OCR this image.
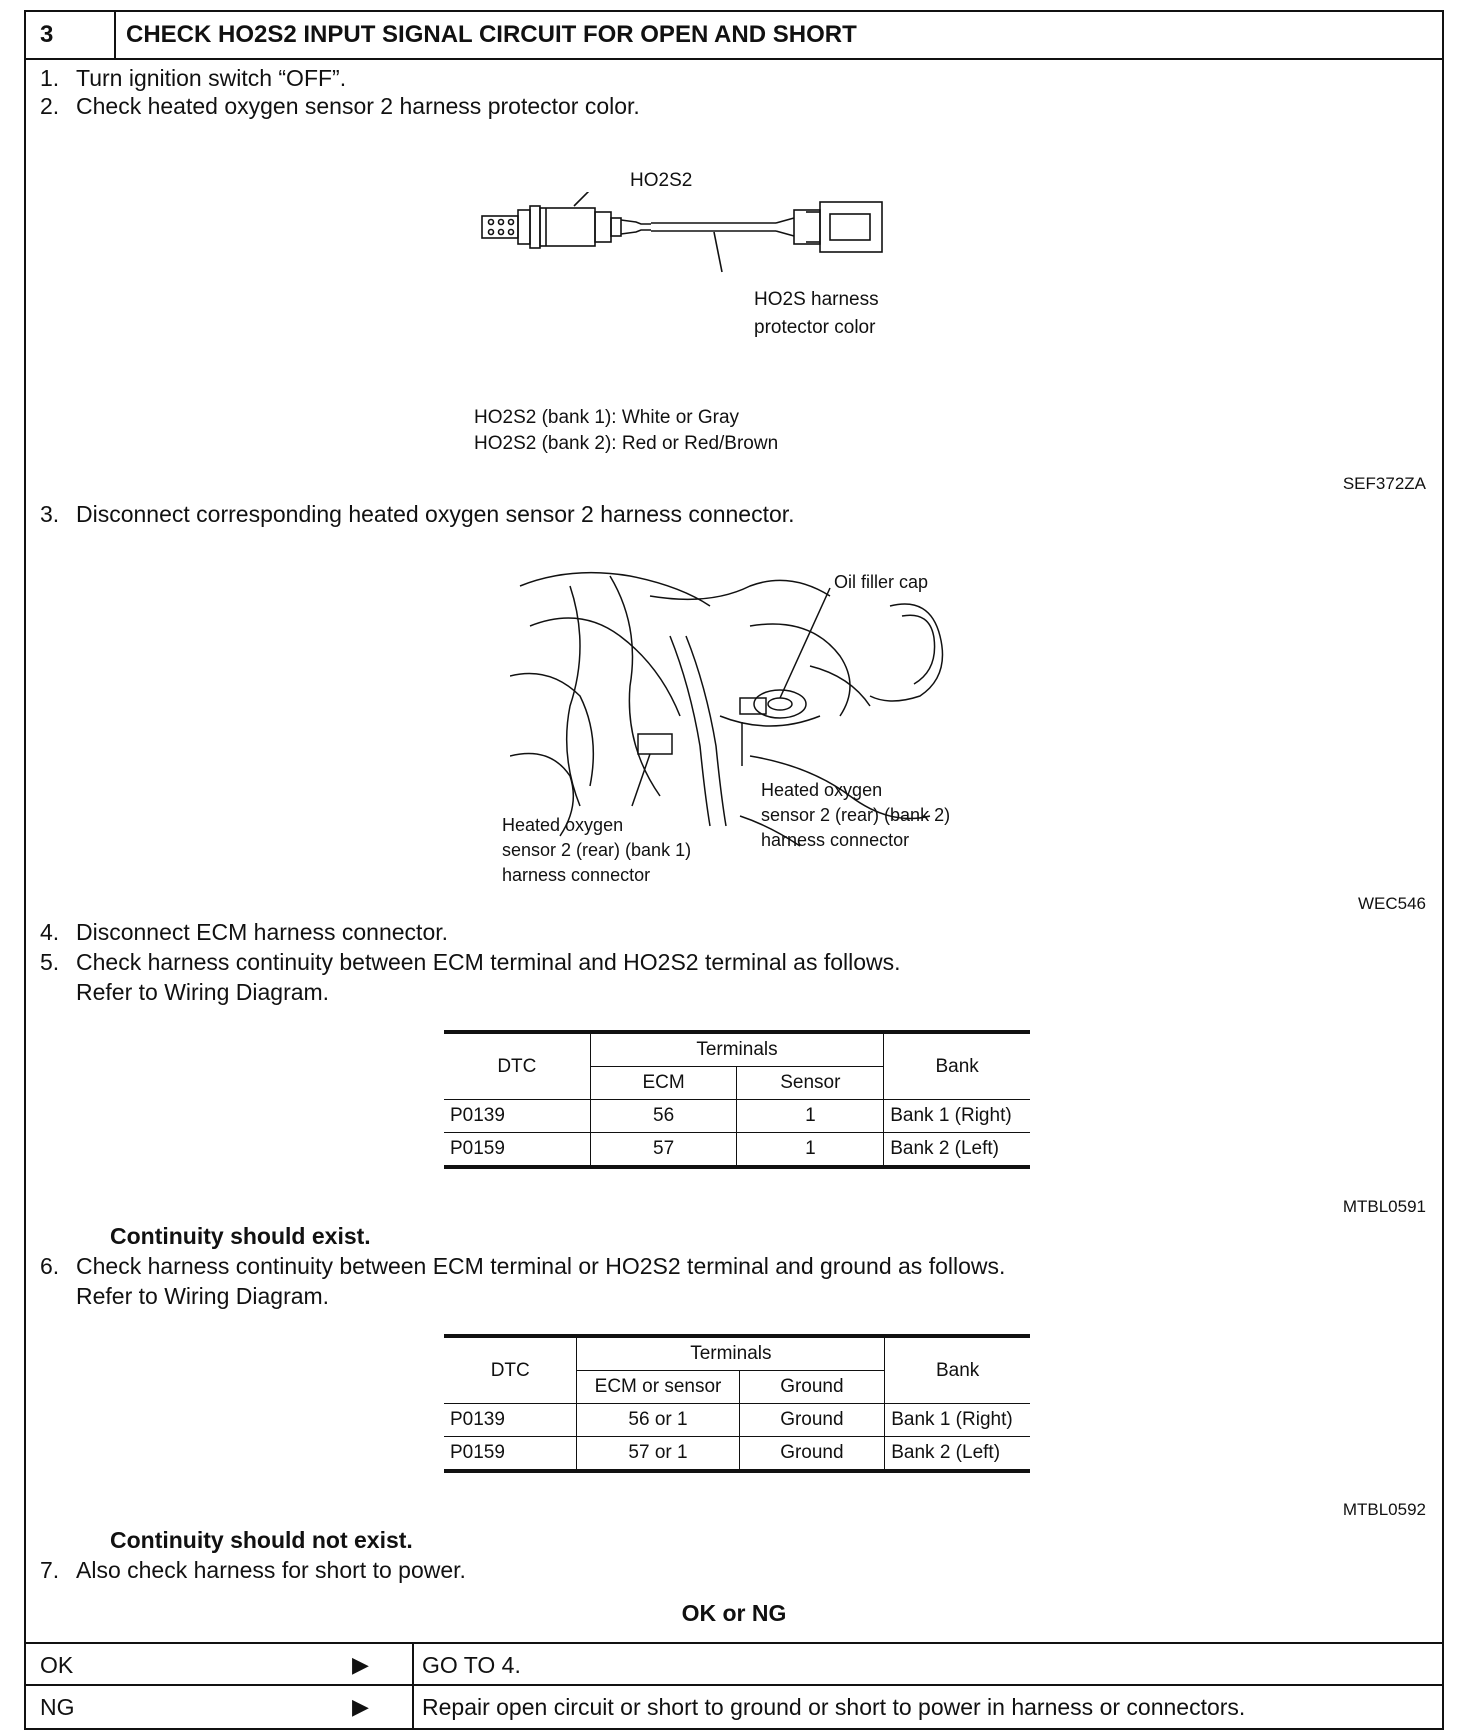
3	CHECK HO2S2 INPUT SIGNAL CIRCUIT FOR OPEN AND SHORT
1. Turn ignition switch “OFF”.
2. Check heated oxygen sensor 2 harness protector color.
HO2S2
HO2S harness
protector color
HO2S2 (bank 1): White or Gray
HO2S2 (bank 2): Red or Red/Brown
SEF372ZA
3. Disconnect corresponding heated oxygen sensor 2 harness connector.
Oil filler cap
Heated oxygen
sensor 2 (rear) (bank 2)
harness connector
Heated oxygen
sensor 2 (rear) (bank 1)
harness connector
WEC546
4. Disconnect ECM harness connector.
5. Check harness continuity between ECM terminal and HO2S2 terminal as follows.
Refer to Wiring Diagram.
DTC	Terminals		Bank
	ECM	Sensor	
P0139	56	1	Bank 1 (Right)
P0159	57	1	Bank 2 (Left)
MTBL0591
Continuity should exist.
6. Check harness continuity between ECM terminal or HO2S2 terminal and ground as follows.
Refer to Wiring Diagram.
DTC	Terminals		Bank
	ECM or sensor	Ground	
P0139	56 or 1	Ground	Bank 1 (Right)
P0159	57 or 1	Ground	Bank 2 (Left)
MTBL0592
Continuity should not exist.
7. Also check harness for short to power.
OK or NG
OK	▶ GO TO 4.
NG	▶ Repair open circuit or short to ground or short to power in harness or connectors.
